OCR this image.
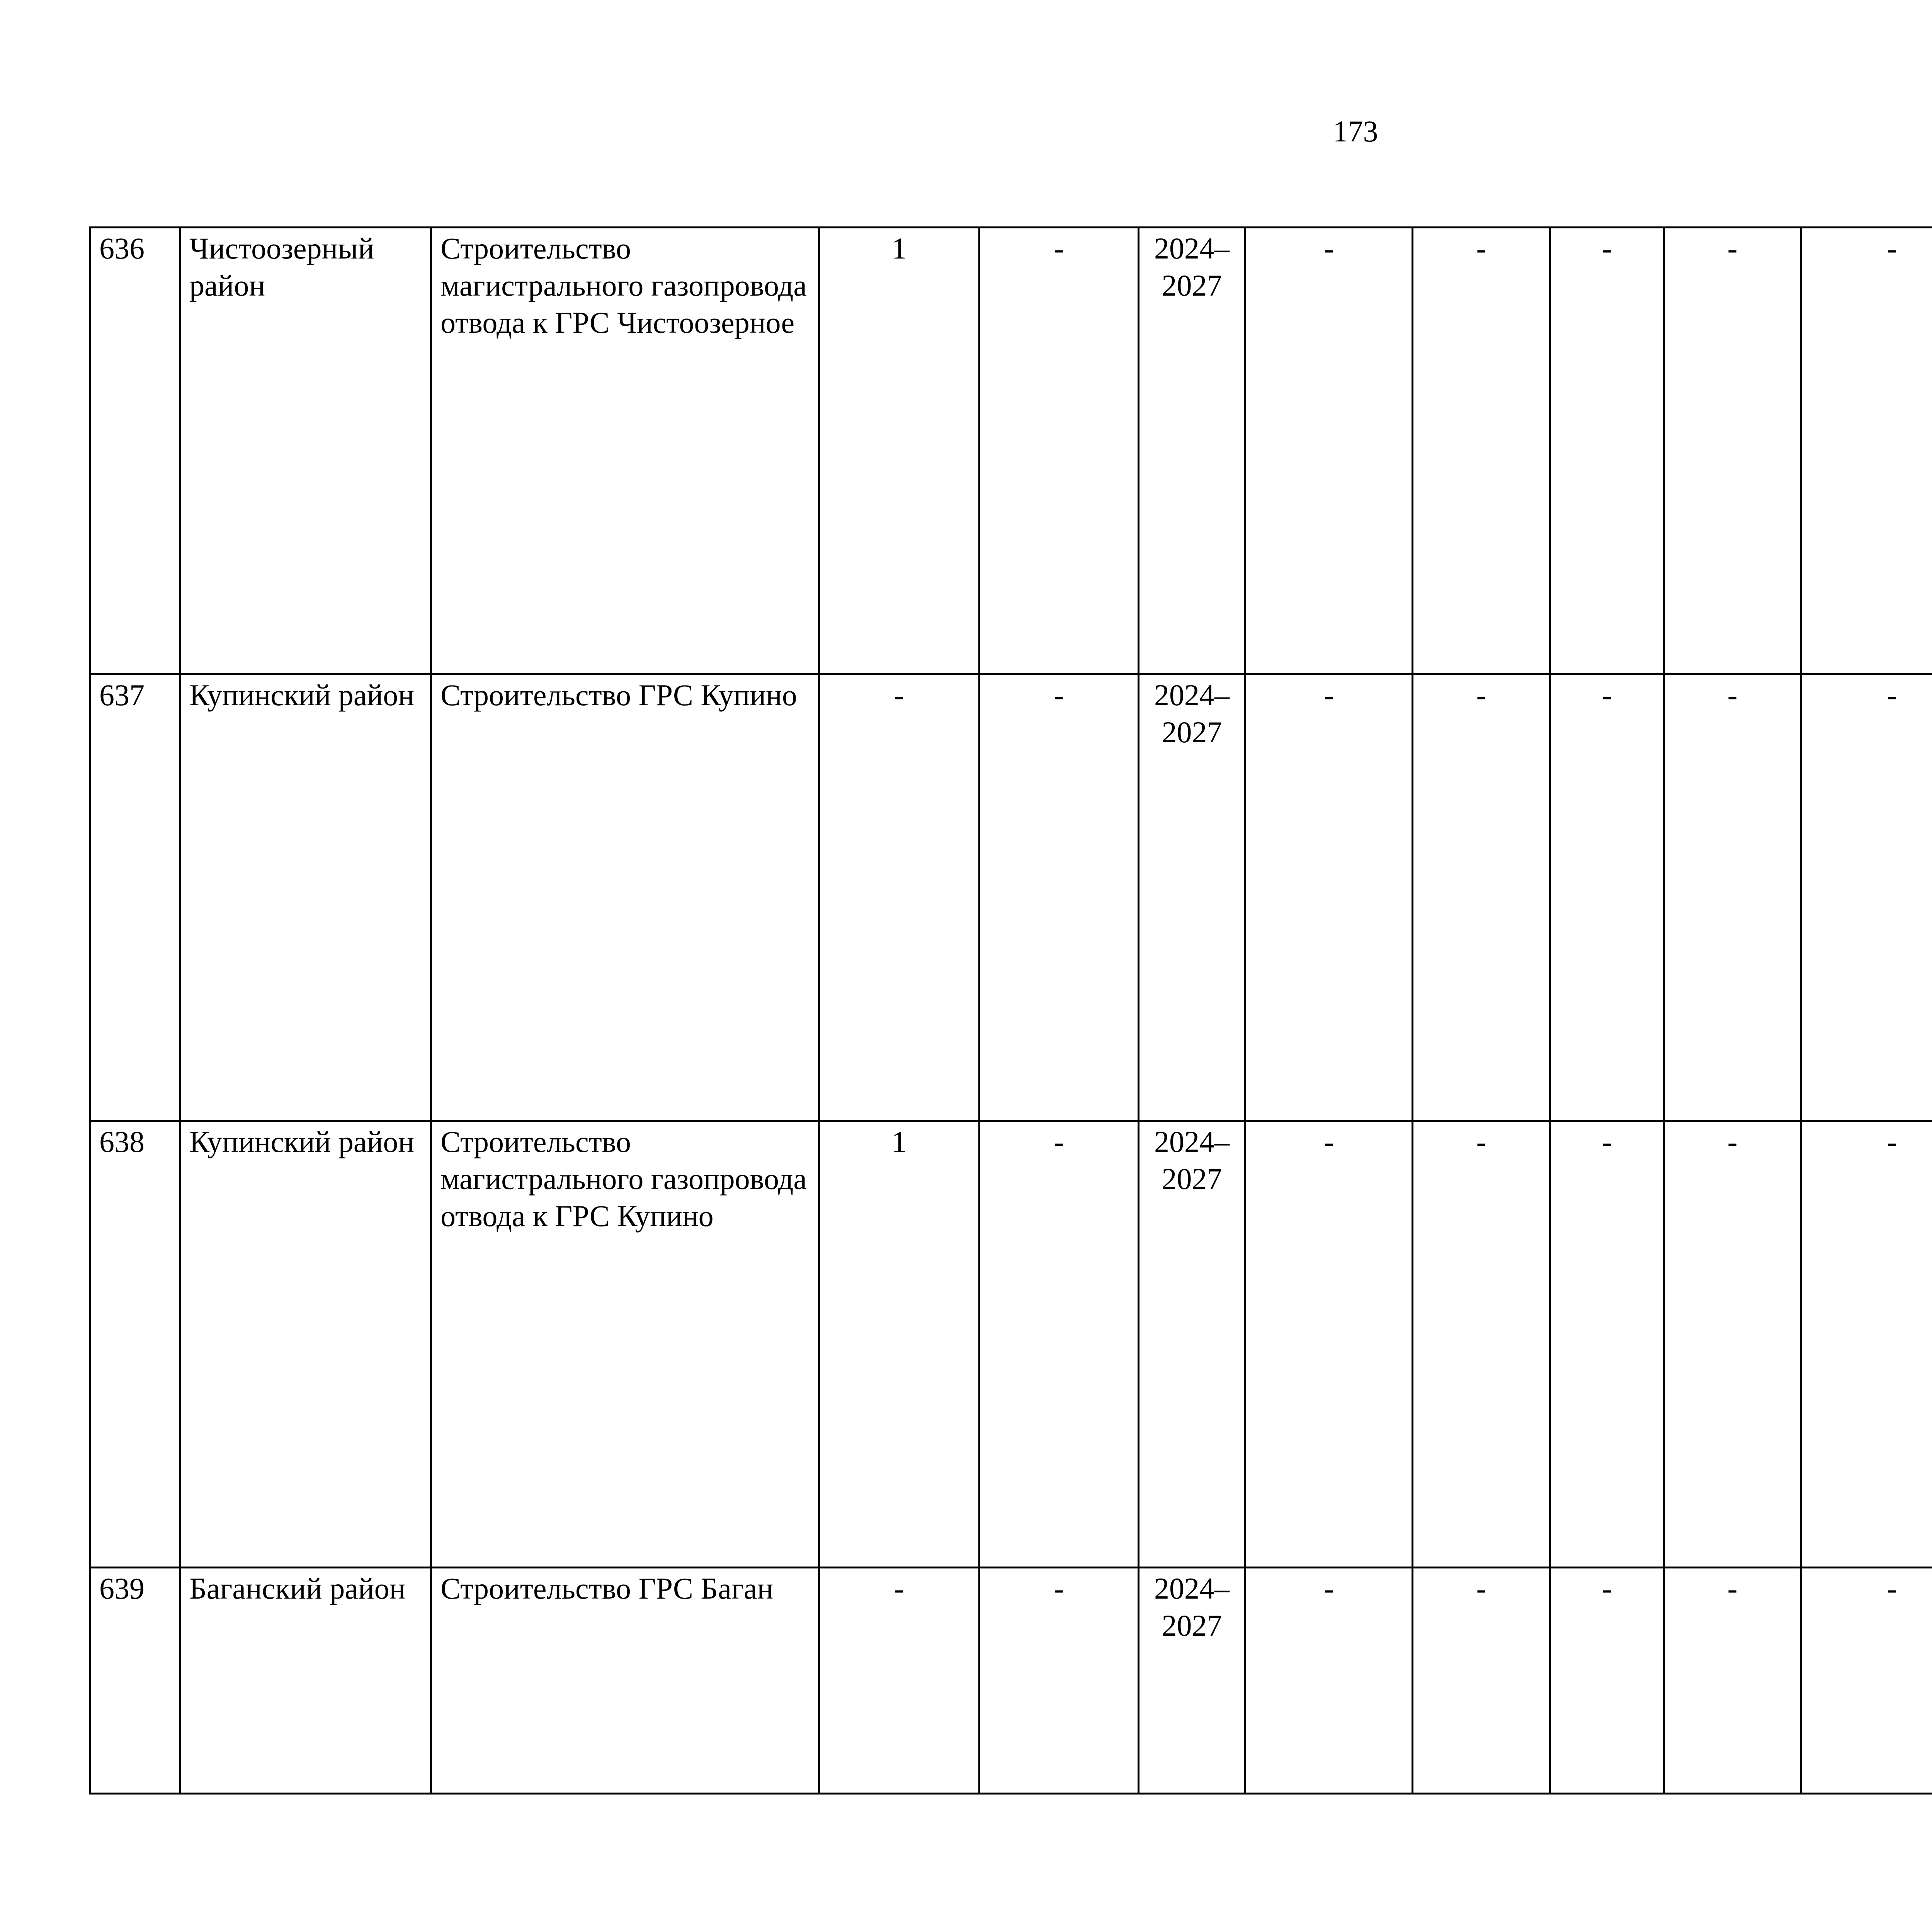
173
636	Чистоозерный район	Строительство магистрального газопровода отвода к ГРС Чистоозерное	1	-	2024–2027	-	-	-	-	-			
637	Купинский район	Строительство ГРС Купино	-	-	2024–2027	-	-	-	-	-			
638	Купинский район	Строительство магистрального газопровода отвода к ГРС Купино	1	-	2024–2027	-	-	-	-	-			
639	Баганский район	Строительство ГРС Баган	-	-	2024–2027	-	-	-	-	-			
